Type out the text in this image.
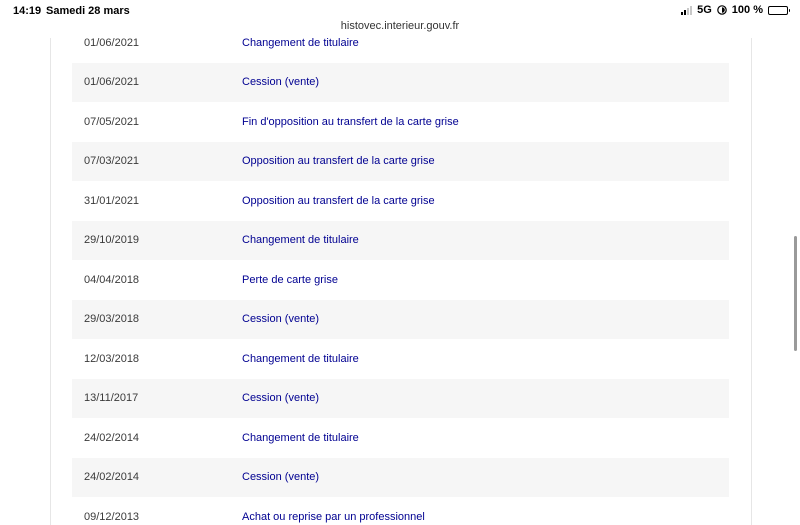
14:19 Samedi 28 mars	5G 100 %
histovec.interieur.gouv.fr
01/06/2021	Changement de titulaire
01/06/2021	Cession (vente)
07/05/2021	Fin d'opposition au transfert de la carte grise
07/03/2021	Opposition au transfert de la carte grise
31/01/2021	Opposition au transfert de la carte grise
29/10/2019	Changement de titulaire
04/04/2018	Perte de carte grise
29/03/2018	Cession (vente)
12/03/2018	Changement de titulaire
13/11/2017	Cession (vente)
24/02/2014	Changement de titulaire
24/02/2014	Cession (vente)
09/12/2013	Achat ou reprise par un professionnel
